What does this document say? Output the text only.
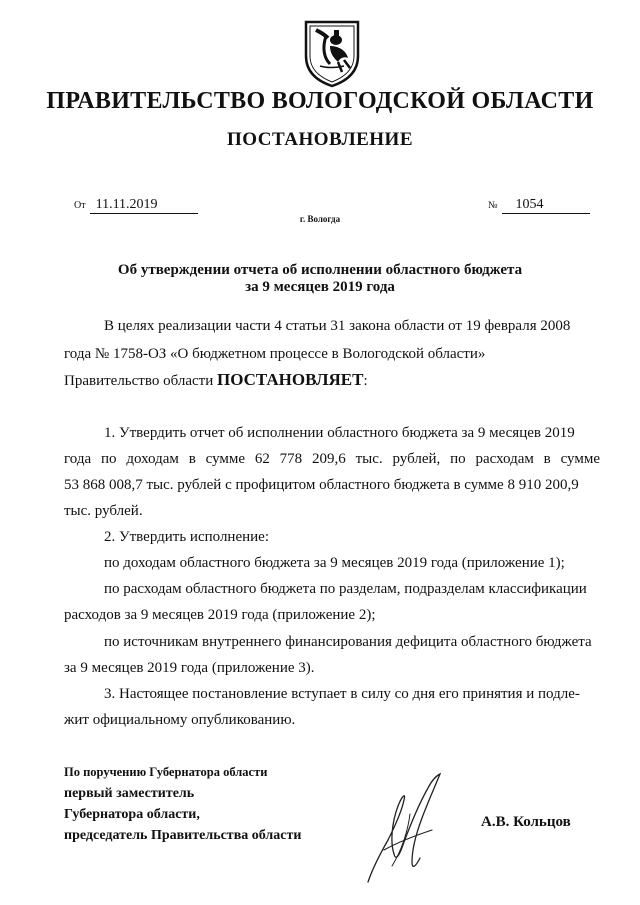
ПРАВИТЕЛЬСТВО ВОЛОГОДСКОЙ ОБЛАСТИ
ПОСТАНОВЛЕНИЕ
От 11.11.2019	№ 1054
г. Вологда
Об утверждении отчета об исполнении областного бюджета
за 9 месяцев 2019 года
В целях реализации части 4 статьи 31 закона области от 19 февраля 2008
года № 1758-ОЗ «О бюджетном процессе в Вологодской области»
Правительство области ПОСТАНОВЛЯЕТ:
1. Утвердить отчет об исполнении областного бюджета за 9 месяцев 2019
года по доходам в сумме 62 778 209,6 тыс. рублей, по расходам в сумме
53 868 008,7 тыс. рублей с профицитом областного бюджета в сумме 8 910 200,9
тыс. рублей.
2. Утвердить исполнение:
по доходам областного бюджета за 9 месяцев 2019 года (приложение 1);
по расходам областного бюджета по разделам, подразделам классификации
расходов за 9 месяцев 2019 года (приложение 2);
по источникам внутреннего финансирования дефицита областного бюджета
за 9 месяцев 2019 года (приложение 3).
3. Настоящее постановление вступает в силу со дня его принятия и подле-
жит официальному опубликованию.
По поручению Губернатора области
первый заместитель
Губернатора области,
председатель Правительства области
А.В. Кольцов
